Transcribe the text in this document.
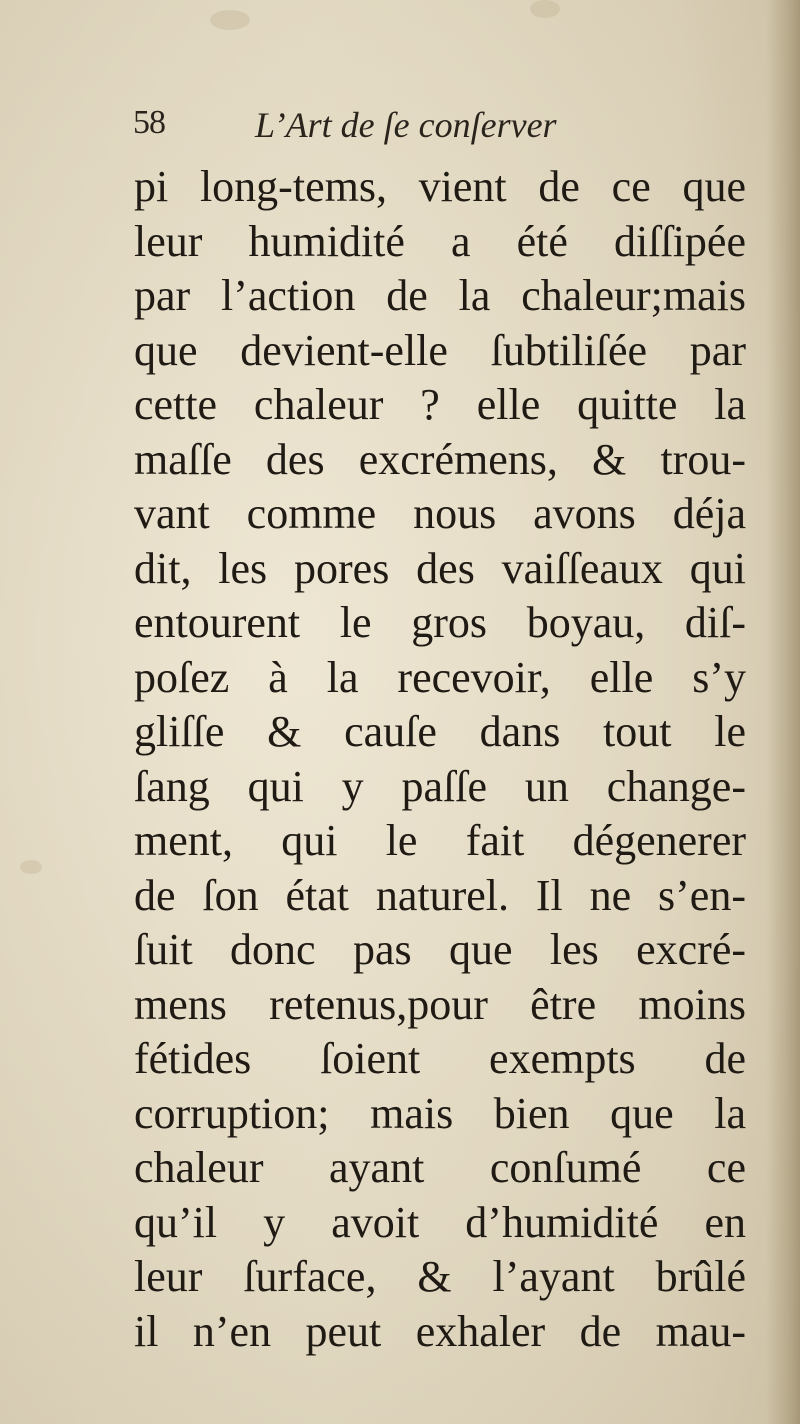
58	L’Art de ſe conſerver
pi long-tems, vient de ce que
leur humidité a été diſſipée
par l’action de la chaleur;mais
que devient-elle ſubtiliſée par
cette chaleur ? elle quitte la
maſſe des excrémens, & trou-
vant comme nous avons déja
dit, les pores des vaiſſeaux qui
entourent le gros boyau, diſ-
poſez à la recevoir, elle s’y
gliſſe & cauſe dans tout le
ſang qui y paſſe un change-
ment, qui le fait dégenerer
de ſon état naturel. Il ne s’en-
ſuit donc pas que les excré-
mens retenus,pour être moins
fétides ſoient exempts de
corruption; mais bien que la
chaleur ayant conſumé ce
qu’il y avoit d’humidité en
leur ſurface, & l’ayant brûlé
il n’en peut exhaler de mau-
